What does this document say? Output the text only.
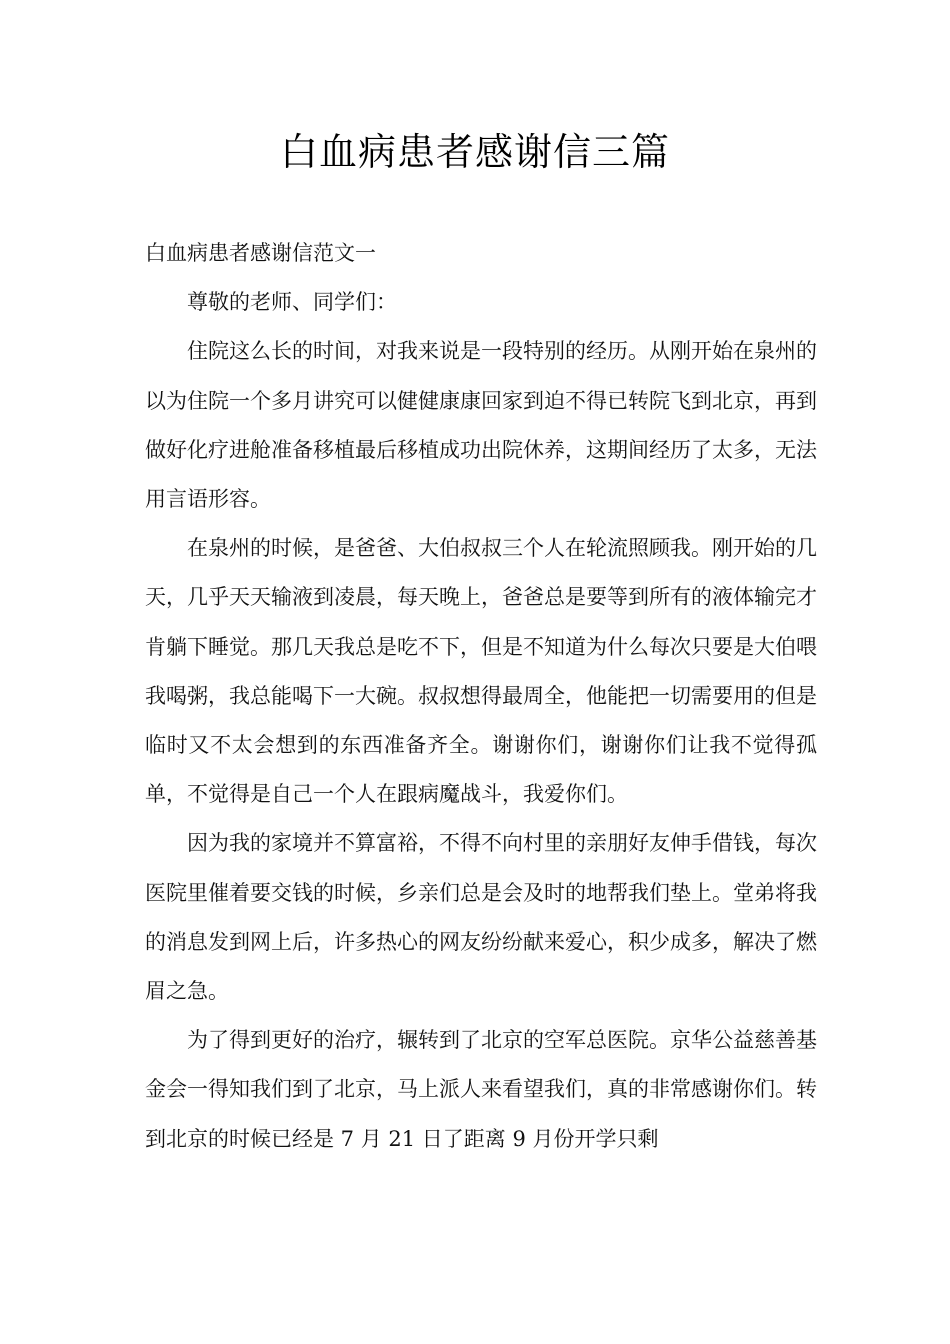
白血病患者感谢信三篇

白血病患者感谢信范文一

尊敬的老师、同学们：

住院这么长的时间，对我来说是一段特别的经历。从刚开始在泉州的以为住院一个多月讲究可以健健康康回家到迫不得已转院飞到北京，再到做好化疗进舱准备移植最后移植成功出院休养，这期间经历了太多，无法用言语形容。

在泉州的时候，是爸爸、大伯叔叔三个人在轮流照顾我。刚开始的几天，几乎天天输液到凌晨，每天晚上，爸爸总是要等到所有的液体输完才肯躺下睡觉。那几天我总是吃不下，但是不知道为什么每次只要是大伯喂我喝粥，我总能喝下一大碗。叔叔想得最周全，他能把一切需要用的但是临时又不太会想到的东西准备齐全。谢谢你们，谢谢你们让我不觉得孤单，不觉得是自己一个人在跟病魔战斗，我爱你们。

因为我的家境并不算富裕，不得不向村里的亲朋好友伸手借钱，每次医院里催着要交钱的时候，乡亲们总是会及时的地帮我们垫上。堂弟将我的消息发到网上后，许多热心的网友纷纷献来爱心，积少成多，解决了燃眉之急。

为了得到更好的治疗，辗转到了北京的空军总医院。京华公益慈善基金会一得知我们到了北京，马上派人来看望我们，真的非常感谢你们。转到北京的时候已经是 7 月 21 日了距离 9 月份开学只剩
